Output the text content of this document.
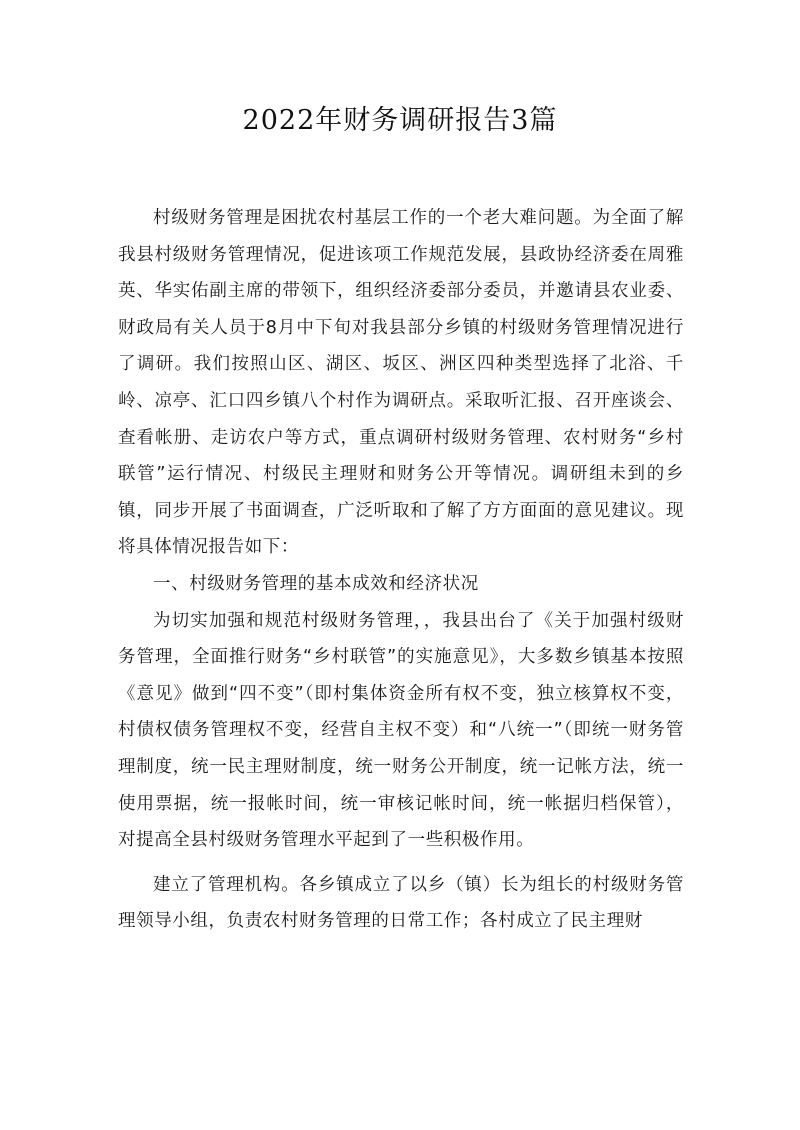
2022年财务调研报告3篇

村级财务管理是困扰农村基层工作的一个老大难问题。为全面了解我县村级财务管理情况，促进该项工作规范发展，县政协经济委在周雅英、华实佑副主席的带领下，组织经济委部分委员，并邀请县农业委、财政局有关人员于8月中下旬对我县部分乡镇的村级财务管理情况进行了调研。我们按照山区、湖区、坂区、洲区四种类型选择了北浴、千岭、凉亭、汇口四乡镇八个村作为调研点。采取听汇报、召开座谈会、查看帐册、走访农户等方式，重点调研村级财务管理、农村财务“乡村联管”运行情况、村级民主理财和财务公开等情况。调研组未到的乡镇，同步开展了书面调查，广泛听取和了解了方方面面的意见建议。现将具体情况报告如下：

一、村级财务管理的基本成效和经济状况

为切实加强和规范村级财务管理，，我县出台了《关于加强村级财务管理，全面推行财务“乡村联管”的实施意见》，大多数乡镇基本按照《意见》做到“四不变”（即村集体资金所有权不变，独立核算权不变，村债权债务管理权不变，经营自主权不变）和“八统一”（即统一财务管理制度，统一民主理财制度，统一财务公开制度，统一记帐方法，统一使用票据，统一报帐时间，统一审核记帐时间，统一帐据归档保管），对提高全县村级财务管理水平起到了一些积极作用。

建立了管理机构。各乡镇成立了以乡（镇）长为组长的村级财务管理领导小组，负责农村财务管理的日常工作；各村成立了民主理财
